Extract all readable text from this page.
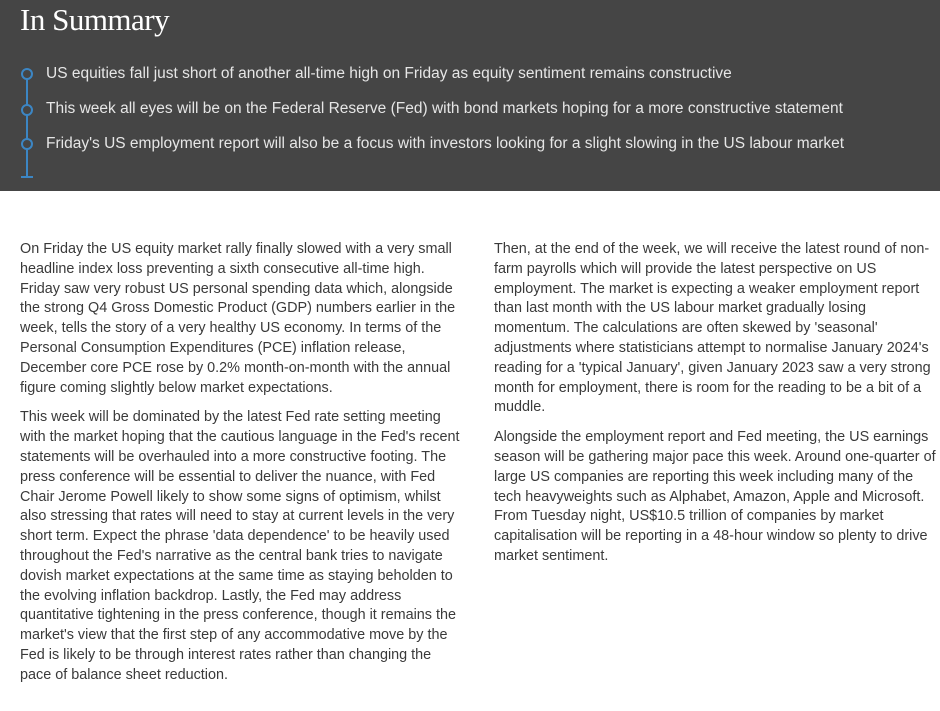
In Summary
US equities fall just short of another all-time high on Friday as equity sentiment remains constructive
This week all eyes will be on the Federal Reserve (Fed) with bond markets hoping for a more constructive statement
Friday's US employment report will also be a focus with investors looking for a slight slowing in the US labour market

On Friday the US equity market rally finally slowed with a very small headline index loss preventing a sixth consecutive all-time high. Friday saw very robust US personal spending data which, alongside the strong Q4 Gross Domestic Product (GDP) numbers earlier in the week, tells the story of a very healthy US economy. In terms of the Personal Consumption Expenditures (PCE) inflation release, December core PCE rose by 0.2% month-on-month with the annual figure coming slightly below market expectations.

This week will be dominated by the latest Fed rate setting meeting with the market hoping that the cautious language in the Fed's recent statements will be overhauled into a more constructive footing. The press conference will be essential to deliver the nuance, with Fed Chair Jerome Powell likely to show some signs of optimism, whilst also stressing that rates will need to stay at current levels in the very short term. Expect the phrase 'data dependence' to be heavily used throughout the Fed's narrative as the central bank tries to navigate dovish market expectations at the same time as staying beholden to the evolving inflation backdrop. Lastly, the Fed may address quantitative tightening in the press conference, though it remains the market's view that the first step of any accommodative move by the Fed is likely to be through interest rates rather than changing the pace of balance sheet reduction.

Then, at the end of the week, we will receive the latest round of non-farm payrolls which will provide the latest perspective on US employment. The market is expecting a weaker employment report than last month with the US labour market gradually losing momentum. The calculations are often skewed by 'seasonal' adjustments where statisticians attempt to normalise January 2024's reading for a 'typical January', given January 2023 saw a very strong month for employment, there is room for the reading to be a bit of a muddle.

Alongside the employment report and Fed meeting, the US earnings season will be gathering major pace this week. Around one-quarter of large US companies are reporting this week including many of the tech heavyweights such as Alphabet, Amazon, Apple and Microsoft. From Tuesday night, US$10.5 trillion of companies by market capitalisation will be reporting in a 48-hour window so plenty to drive market sentiment.
